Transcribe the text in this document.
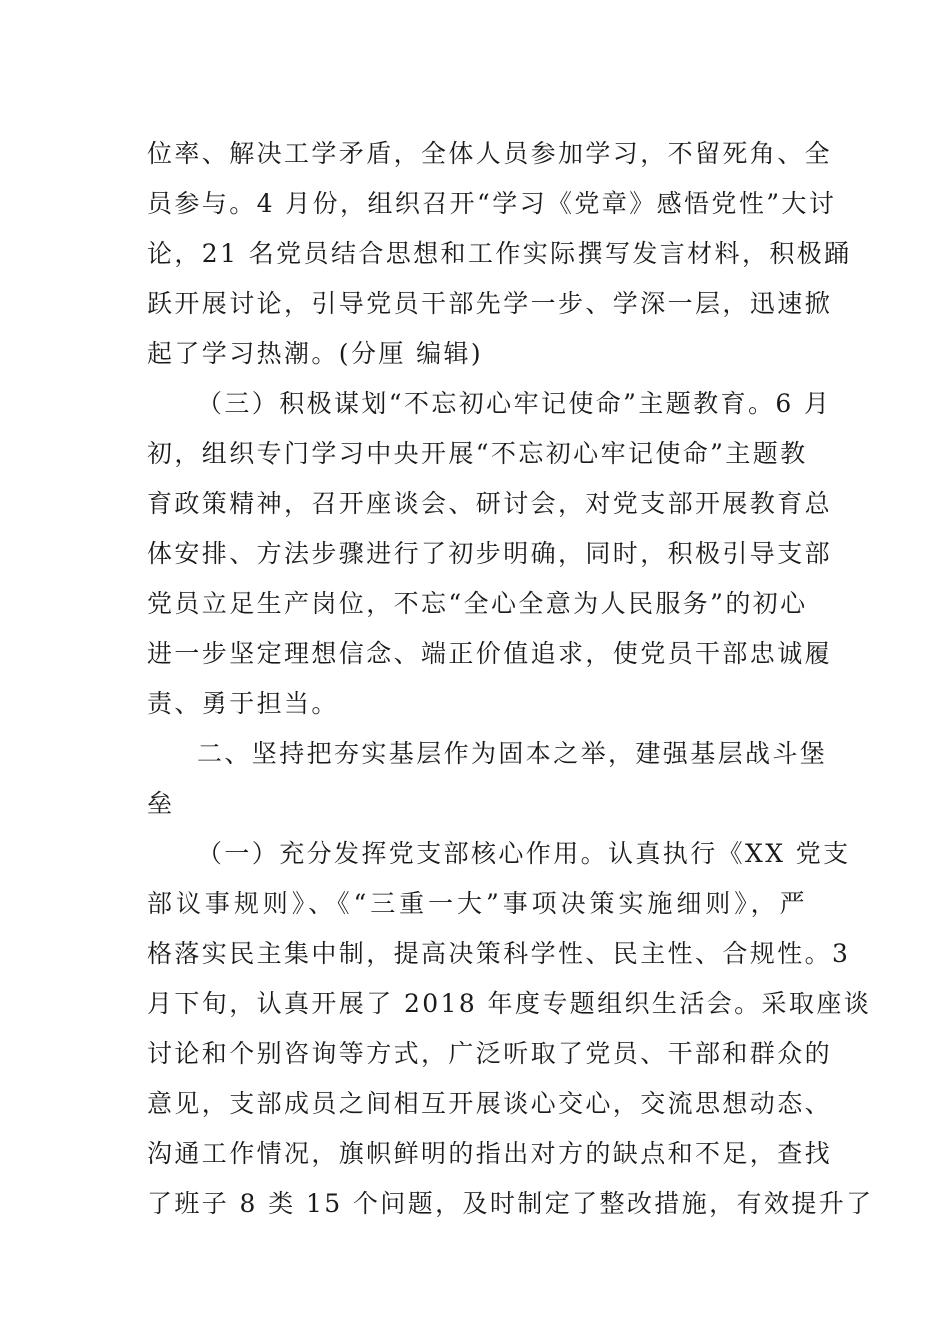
位率、解决工学矛盾，全体人员参加学习，不留死角、全
员参与。4 月份，组织召开“学习《党章》感悟党性”大讨
论，21 名党员结合思想和工作实际撰写发言材料，积极踊
跃开展讨论，引导党员干部先学一步、学深一层，迅速掀
起了学习热潮。(分厘 编辑)
（三）积极谋划“不忘初心牢记使命”主题教育。6 月
初，组织专门学习中央开展“不忘初心牢记使命”主题教
育政策精神，召开座谈会、研讨会，对党支部开展教育总
体安排、方法步骤进行了初步明确，同时，积极引导支部
党员立足生产岗位，不忘“全心全意为人民服务”的初心
进一步坚定理想信念、端正价值追求，使党员干部忠诚履
责、勇于担当。
二、坚持把夯实基层作为固本之举，建强基层战斗堡
垒
（一）充分发挥党支部核心作用。认真执行《XX 党支
部议事规则》、《“三重一大”事项决策实施细则》，严
格落实民主集中制，提高决策科学性、民主性、合规性。3
月下旬，认真开展了 2018 年度专题组织生活会。采取座谈
讨论和个别咨询等方式，广泛听取了党员、干部和群众的
意见，支部成员之间相互开展谈心交心，交流思想动态、
沟通工作情况，旗帜鲜明的指出对方的缺点和不足，查找
了班子 8 类 15 个问题，及时制定了整改措施，有效提升了
